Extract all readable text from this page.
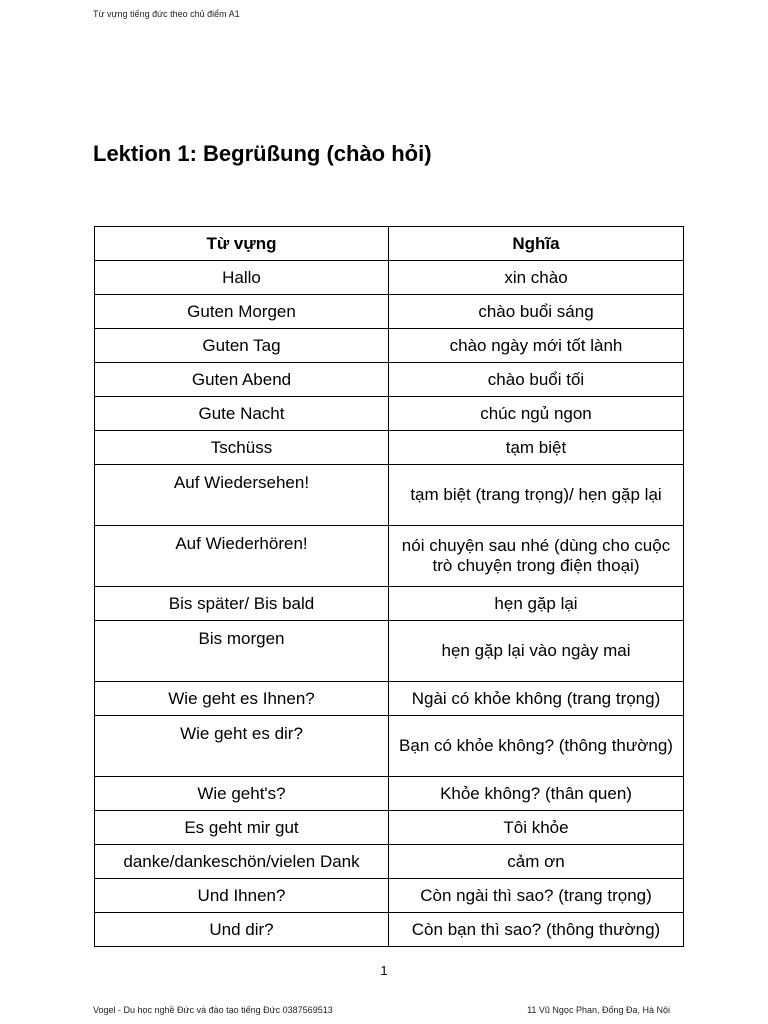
Từ vựng tiếng đức theo chủ điểm A1
Lektion 1: Begrüßung (chào hỏi)
Từ vựng	Nghĩa
Hallo	xin chào
Guten Morgen	chào buổi sáng
Guten Tag	chào ngày mới tốt lành
Guten Abend	chào buổi tối
Gute Nacht	chúc ngủ ngon
Tschüss	tạm biệt
Auf Wiedersehen!	tạm biệt (trang trọng)/ hẹn gặp lại
Auf Wiederhören!	nói chuyện sau nhé (dùng cho cuộc trò chuyện trong điện thoại)
Bis später/ Bis bald	hẹn gặp lại
Bis morgen	hẹn gặp lại vào ngày mai
Wie geht es Ihnen?	Ngài có khỏe không (trang trọng)
Wie geht es dir?	Bạn có khỏe không? (thông thường)
Wie geht's?	Khỏe không? (thân quen)
Es geht mir gut	Tôi khỏe
danke/dankeschön/vielen Dank	cảm ơn
Und Ihnen?	Còn ngài thì sao? (trang trọng)
Und dir?	Còn bạn thì sao? (thông thường)
1
Vogel - Du học nghề Đức và đào tạo tiếng Đức 0387569513	11 Vũ Ngọc Phan, Đống Đa, Hà Nội
